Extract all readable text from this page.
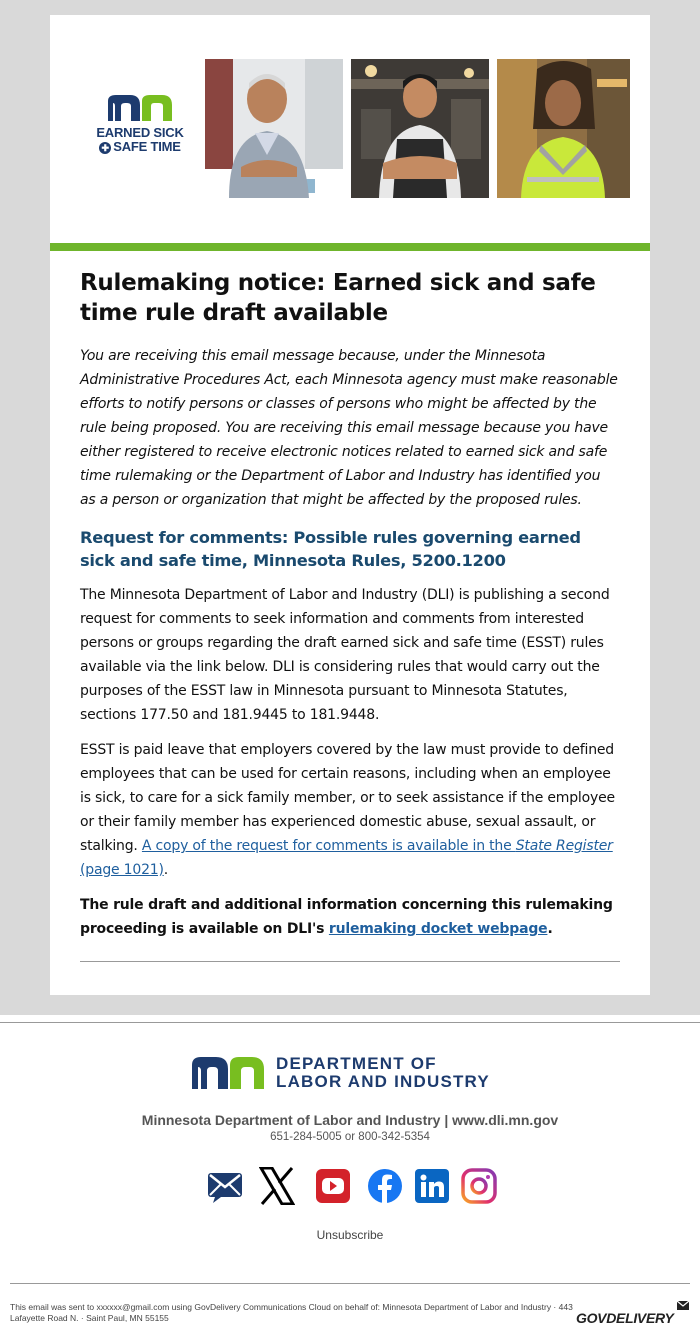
EARNED SICK
✚ SAFE TIME
Rulemaking notice: Earned sick and safe time rule draft available

You are receiving this email message because, under the Minnesota Administrative Procedures Act, each Minnesota agency must make reasonable efforts to notify persons or classes of persons who might be affected by the rule being proposed. You are receiving this email message because you have either registered to receive electronic notices related to earned sick and safe time rulemaking or the Department of Labor and Industry has identified you as a person or organization that might be affected by the proposed rules.

Request for comments: Possible rules governing earned sick and safe time, Minnesota Rules, 5200.1200

The Minnesota Department of Labor and Industry (DLI) is publishing a second request for comments to seek information and comments from interested persons or groups regarding the draft earned sick and safe time (ESST) rules available via the link below. DLI is considering rules that would carry out the purposes of the ESST law in Minnesota pursuant to Minnesota Statutes, sections 177.50 and 181.9445 to 181.9448.

ESST is paid leave that employers covered by the law must provide to defined employees that can be used for certain reasons, including when an employee is sick, to care for a sick family member, or to seek assistance if the employee or their family member has experienced domestic abuse, sexual assault, or stalking. A copy of the request for comments is available in the State Register (page 1021).

The rule draft and additional information concerning this rulemaking proceeding is available on DLI's rulemaking docket webpage.

DEPARTMENT OF
LABOR AND INDUSTRY
Minnesota Department of Labor and Industry | www.dli.mn.gov
651-284-5005 or 800-342-5354
Unsubscribe
This email was sent to xxxxxx@gmail.com using GovDelivery Communications Cloud on behalf of: Minnesota Department of Labor and Industry · 443 Lafayette Road N. · Saint Paul, MN 55155	GOVDELIVERY
